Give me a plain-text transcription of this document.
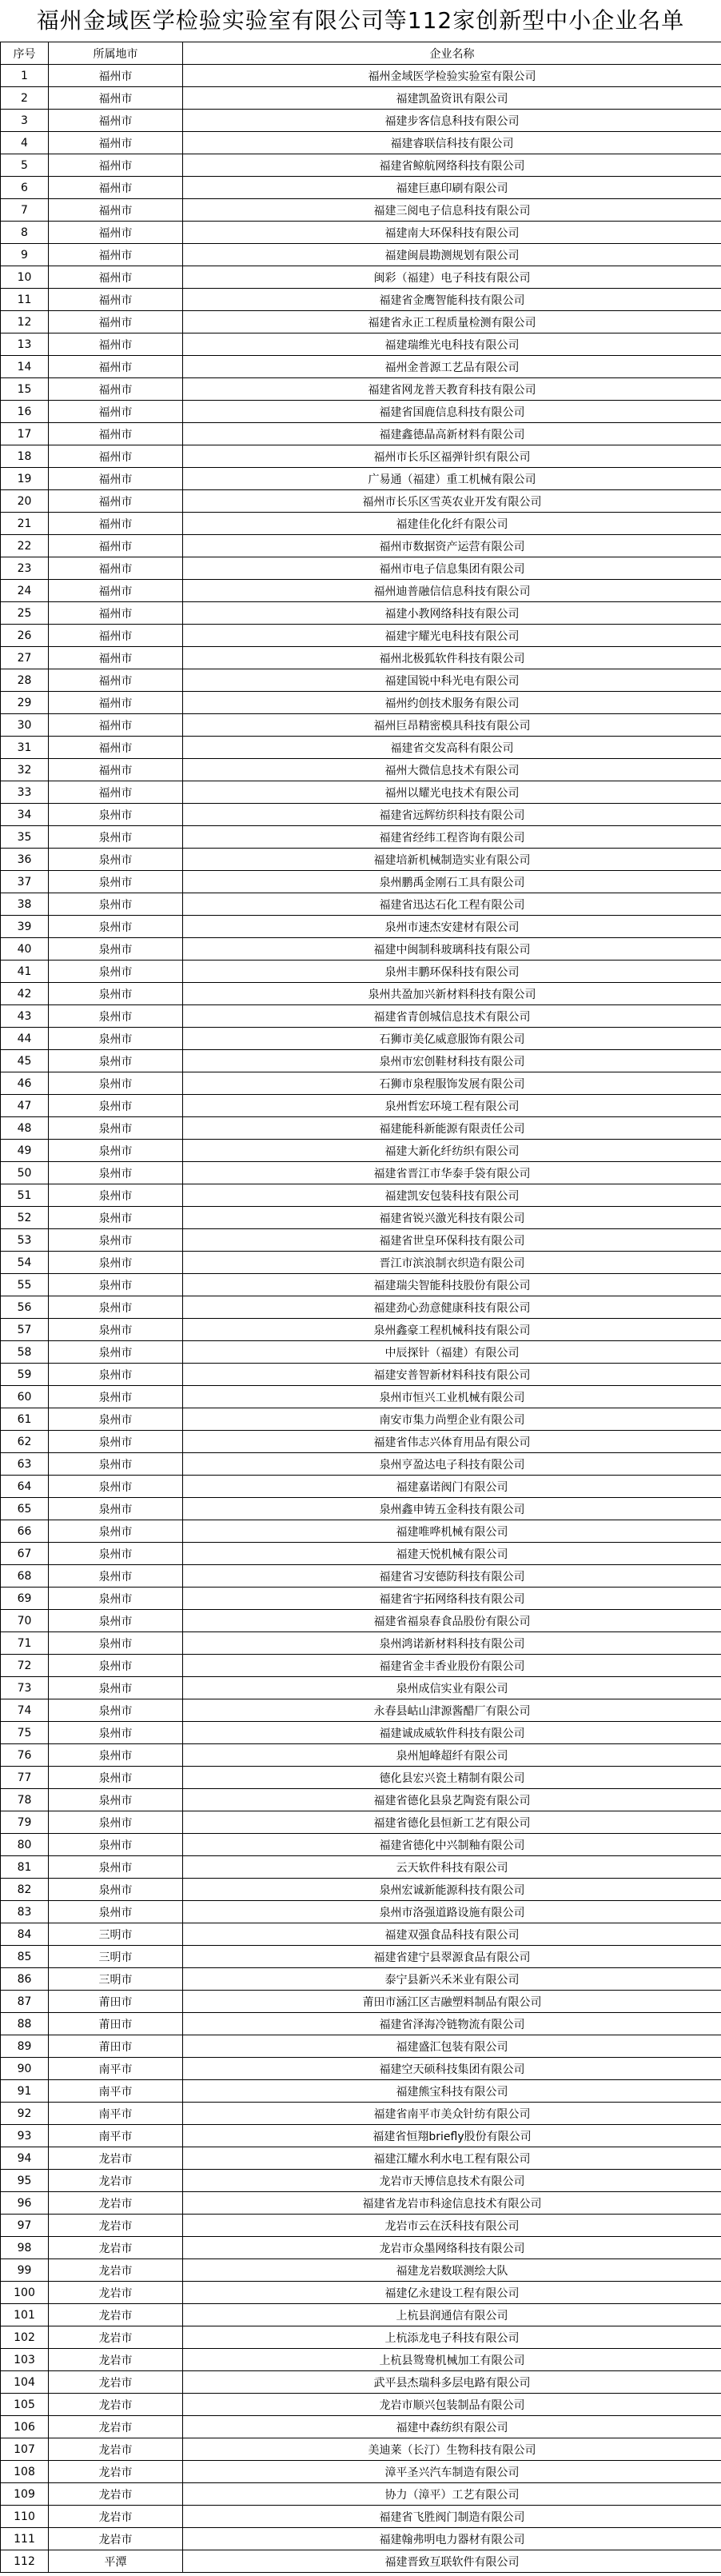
福州金域医学检验实验室有限公司等112家创新型中小企业名单
序号	所属地市	企业名称
1	福州市	福州金域医学检验实验室有限公司
2	福州市	福建凯盈资讯有限公司
3	福州市	福建步客信息科技有限公司
4	福州市	福建睿联信科技有限公司
5	福州市	福建省鲸航网络科技有限公司
6	福州市	福建巨惠印刷有限公司
7	福州市	福建三阅电子信息科技有限公司
8	福州市	福建南大环保科技有限公司
9	福州市	福建闽晨勘测规划有限公司
10	福州市	闽彩（福建）电子科技有限公司
11	福州市	福建省金鹰智能科技有限公司
12	福州市	福建省永正工程质量检测有限公司
13	福州市	福建瑞维光电科技有限公司
14	福州市	福州金普源工艺品有限公司
15	福州市	福建省网龙普天教育科技有限公司
16	福州市	福建省国鹿信息科技有限公司
17	福州市	福建鑫德晶高新材料有限公司
18	福州市	福州市长乐区福弹针织有限公司
19	福州市	广易通（福建）重工机械有限公司
20	福州市	福州市长乐区雪英农业开发有限公司
21	福州市	福建佳化化纤有限公司
22	福州市	福州市数据资产运营有限公司
23	福州市	福州市电子信息集团有限公司
24	福州市	福州迪普融信信息科技有限公司
25	福州市	福建小教网络科技有限公司
26	福州市	福建宇耀光电科技有限公司
27	福州市	福州北极狐软件科技有限公司
28	福州市	福建国锐中科光电有限公司
29	福州市	福州约创技术服务有限公司
30	福州市	福州巨昂精密模具科技有限公司
31	福州市	福建省交发高科有限公司
32	福州市	福州大微信息技术有限公司
33	福州市	福州以耀光电技术有限公司
34	泉州市	福建省远辉纺织科技有限公司
35	泉州市	福建省经纬工程咨询有限公司
36	泉州市	福建培新机械制造实业有限公司
37	泉州市	泉州鹏禹金刚石工具有限公司
38	泉州市	福建省迅达石化工程有限公司
39	泉州市	泉州市速杰安建材有限公司
40	泉州市	福建中闽制科玻璃科技有限公司
41	泉州市	泉州丰鹏环保科技有限公司
42	泉州市	泉州共盈加兴新材料科技有限公司
43	泉州市	福建省青创城信息技术有限公司
44	泉州市	石狮市美亿威意服饰有限公司
45	泉州市	泉州市宏创鞋材科技有限公司
46	泉州市	石狮市泉程服饰发展有限公司
47	泉州市	泉州哲宏环境工程有限公司
48	泉州市	福建能科新能源有限责任公司
49	泉州市	福建大新化纤纺织有限公司
50	泉州市	福建省晋江市华泰手袋有限公司
51	泉州市	福建凯安包装科技有限公司
52	泉州市	福建省锐兴激光科技有限公司
53	泉州市	福建省世皇环保科技有限公司
54	泉州市	晋江市滨浪制衣织造有限公司
55	泉州市	福建瑞尖智能科技股份有限公司
56	泉州市	福建劲心劲意健康科技有限公司
57	泉州市	泉州鑫豪工程机械科技有限公司
58	泉州市	中辰探针（福建）有限公司
59	泉州市	福建安普智新材料科技有限公司
60	泉州市	泉州市恒兴工业机械有限公司
61	泉州市	南安市集力尚塑企业有限公司
62	泉州市	福建省伟志兴体育用品有限公司
63	泉州市	泉州亨盈达电子科技有限公司
64	泉州市	福建嘉诺阀门有限公司
65	泉州市	泉州鑫申铸五金科技有限公司
66	泉州市	福建唯哗机械有限公司
67	泉州市	福建天悦机械有限公司
68	泉州市	福建省习安德防科技有限公司
69	泉州市	福建省宇拓网络科技有限公司
70	泉州市	福建省福泉春食品股份有限公司
71	泉州市	泉州鸿诺新材料科技有限公司
72	泉州市	福建省金丰香业股份有限公司
73	泉州市	泉州成信实业有限公司
74	泉州市	永春县岵山津源酱醋厂有限公司
75	泉州市	福建诚成威软件科技有限公司
76	泉州市	泉州旭峰超纤有限公司
77	泉州市	德化县宏兴瓷土精制有限公司
78	泉州市	福建省德化县泉艺陶瓷有限公司
79	泉州市	福建省德化县恒新工艺有限公司
80	泉州市	福建省德化中兴制釉有限公司
81	泉州市	云天软件科技有限公司
82	泉州市	泉州宏诚新能源科技有限公司
83	泉州市	泉州市洛强道路设施有限公司
84	三明市	福建双强食品科技有限公司
85	三明市	福建省建宁县翠源食品有限公司
86	三明市	泰宁县新兴禾米业有限公司
87	莆田市	莆田市涵江区吉融塑料制品有限公司
88	莆田市	福建省泽海冷链物流有限公司
89	莆田市	福建盛汇包装有限公司
90	南平市	福建空天硕科技集团有限公司
91	南平市	福建熊宝科技有限公司
92	南平市	福建省南平市美众针纺有限公司
93	南平市	福建省恒翔briefly股份有限公司
94	龙岩市	福建江耀水利水电工程有限公司
95	龙岩市	龙岩市天博信息技术有限公司
96	龙岩市	福建省龙岩市科途信息技术有限公司
97	龙岩市	龙岩市云在沃科技有限公司
98	龙岩市	龙岩市众墨网络科技有限公司
99	龙岩市	福建龙岩数联测绘大队
100	龙岩市	福建亿永建设工程有限公司
101	龙岩市	上杭县润通信有限公司
102	龙岩市	上杭添龙电子科技有限公司
103	龙岩市	上杭县鸳鸯机械加工有限公司
104	龙岩市	武平县杰瑞科多层电路有限公司
105	龙岩市	龙岩市顺兴包装制品有限公司
106	龙岩市	福建中森纺织有限公司
107	龙岩市	美迪莱（长汀）生物科技有限公司
108	龙岩市	漳平圣兴汽车制造有限公司
109	龙岩市	协力（漳平）工艺有限公司
110	龙岩市	福建省飞胜阀门制造有限公司
111	龙岩市	福建翰弗明电力器材有限公司
112	平潭	福建晋致互联软件有限公司
